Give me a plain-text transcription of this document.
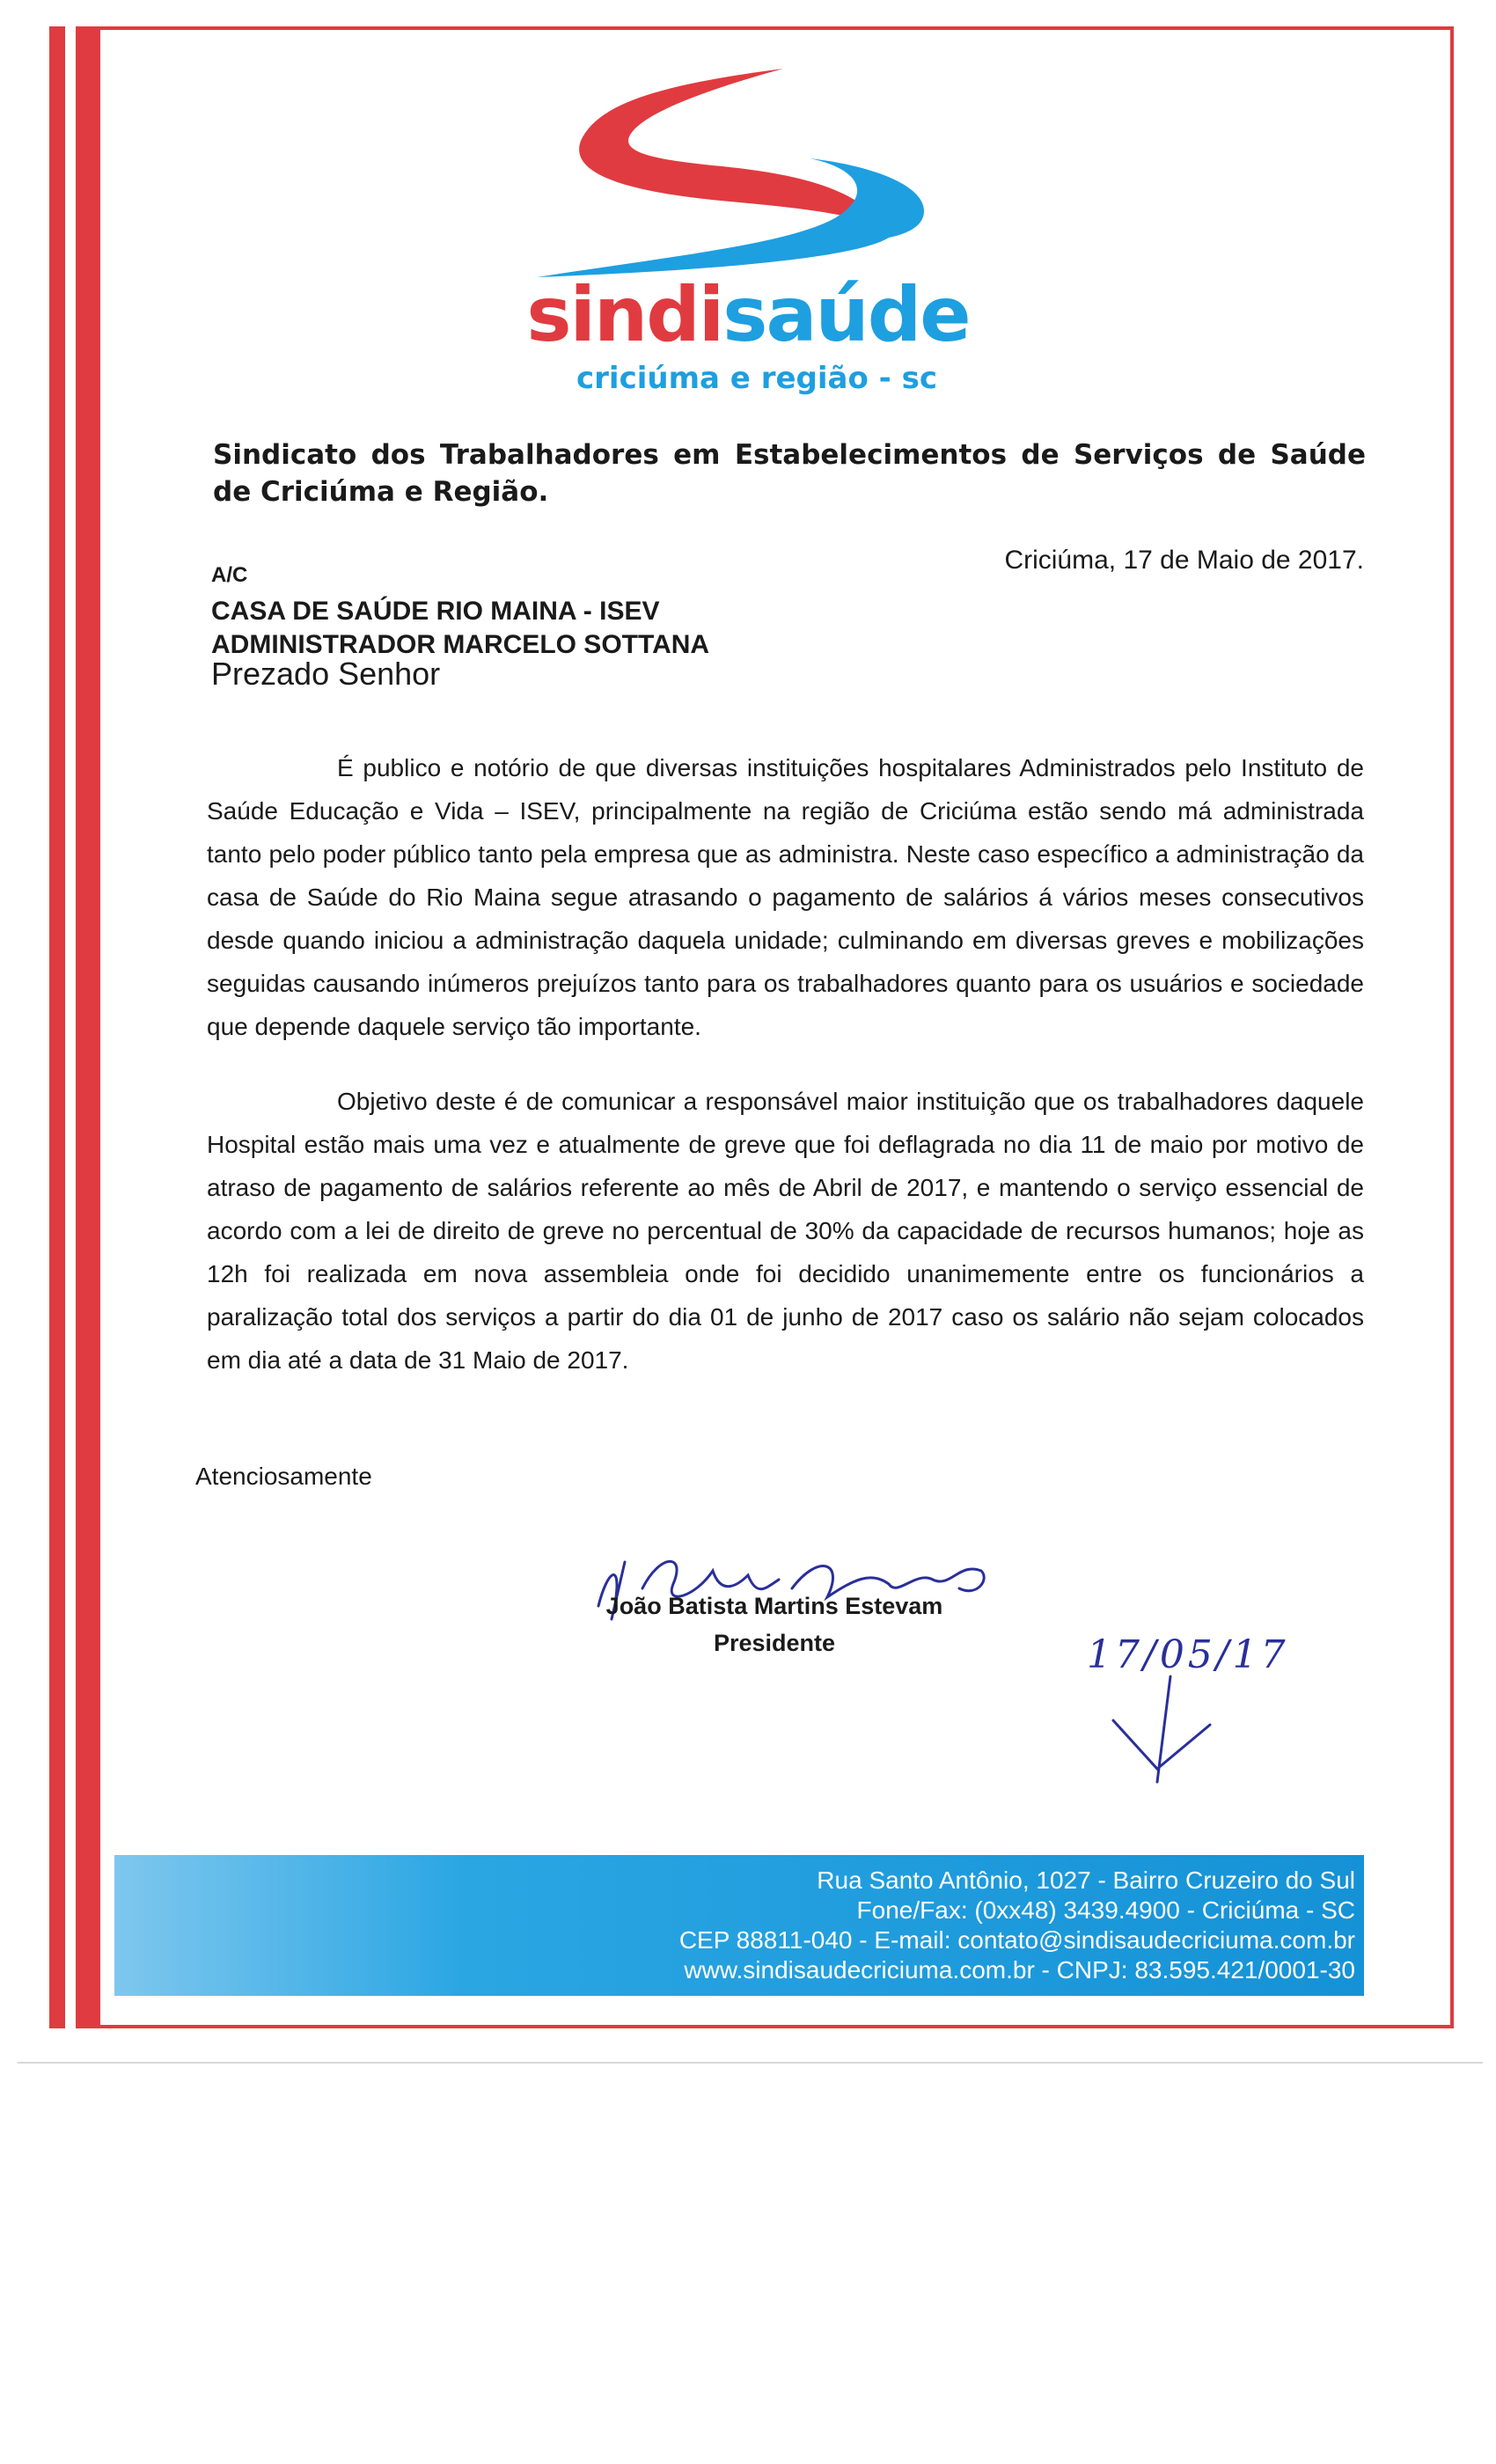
sindisaúde
criciúma e região - sc
Sindicato dos Trabalhadores em Estabelecimentos de Serviços de Saúde de Criciúma e Região.
Criciúma, 17 de Maio de 2017.
A/C
CASA DE SAÚDE RIO MAINA - ISEV
ADMINISTRADOR MARCELO SOTTANA
Prezado Senhor

É publico e notório de que diversas instituições hospitalares Administrados pelo Instituto de Saúde Educação e Vida – ISEV, principalmente na região de Criciúma estão sendo má administrada tanto pelo poder público tanto pela empresa que as administra. Neste caso específico a administração da casa de Saúde do Rio Maina segue atrasando o pagamento de salários á vários meses consecutivos desde quando iniciou a administração daquela unidade; culminando em diversas greves e mobilizações seguidas causando inúmeros prejuízos tanto para os trabalhadores quanto para os usuários e sociedade que depende daquele serviço tão importante.

Objetivo deste é de comunicar a responsável maior instituição que os trabalhadores daquele Hospital estão mais uma vez e atualmente de greve que foi deflagrada no dia 11 de maio por motivo de atraso de pagamento de salários referente ao mês de Abril de 2017, e mantendo o serviço essencial de acordo com a lei de direito de greve no percentual de 30% da capacidade de recursos humanos; hoje as 12h foi realizada em nova assembleia onde foi decidido unanimemente entre os funcionários a paralização total dos serviços a partir do dia 01 de junho de 2017 caso os salário não sejam colocados em dia até a data de 31 Maio de 2017.

Atenciosamente
João Batista Martins Estevam
Presidente	17/05/17
Rua Santo Antônio, 1027 - Bairro Cruzeiro do Sul
Fone/Fax: (0xx48) 3439.4900 - Criciúma - SC
CEP 88811-040 - E-mail: contato@sindisaudecriciuma.com.br
www.sindisaudecriciuma.com.br - CNPJ: 83.595.421/0001-30
